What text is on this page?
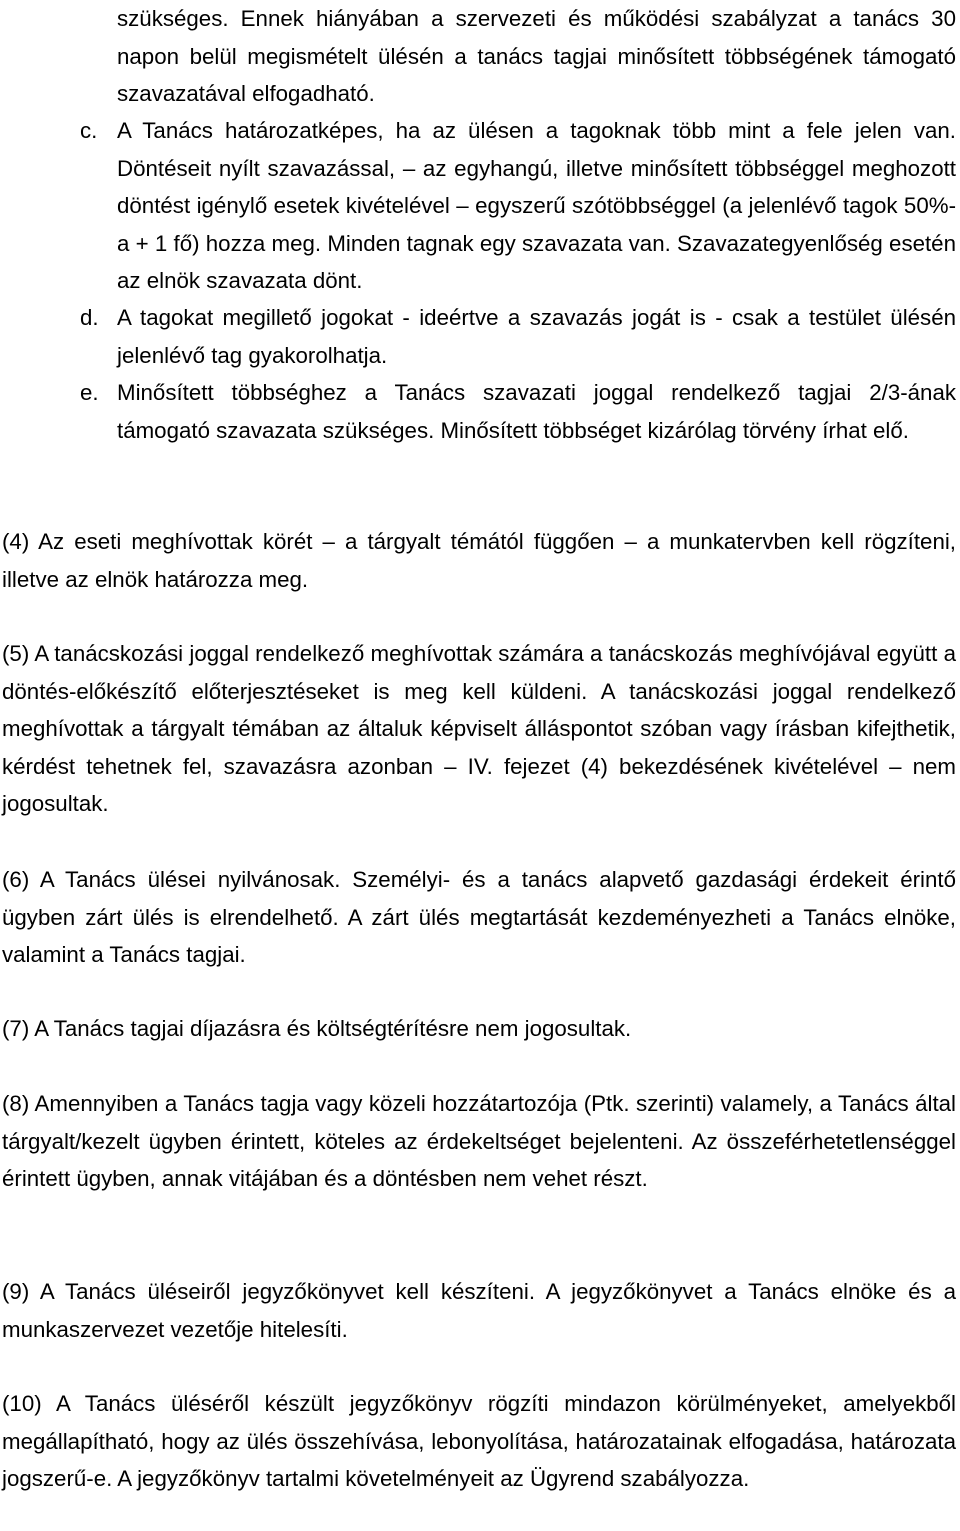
szükséges. Ennek hiányában a szervezeti és működési szabályzat a tanács 30 napon belül megismételt ülésén a tanács tagjai minősített többségének támogató szavazatával elfogadható.

c. A Tanács határozatképes, ha az ülésen a tagoknak több mint a fele jelen van. Döntéseit nyílt szavazással, ‒ az egyhangú, illetve minősített többséggel meghozott döntést igénylő esetek kivételével ‒ egyszerű szótöbbséggel (a jelenlévő tagok 50%-a + 1 fő) hozza meg. Minden tagnak egy szavazata van. Szavazategyenlőség esetén az elnök szavazata dönt.

d. A tagokat megillető jogokat - ideértve a szavazás jogát is - csak a testület ülésén jelenlévő tag gyakorolhatja.

e. Minősített többséghez a Tanács szavazati joggal rendelkező tagjai 2/3-ának támogató szavazata szükséges. Minősített többséget kizárólag törvény írhat elő.

(4) Az eseti meghívottak körét ‒ a tárgyalt témától függően ‒ a munkatervben kell rögzíteni, illetve az elnök határozza meg.

(5) A tanácskozási joggal rendelkező meghívottak számára a tanácskozás meghívójával együtt a döntés-előkészítő előterjesztéseket is meg kell küldeni. A tanácskozási joggal rendelkező meghívottak a tárgyalt témában az általuk képviselt álláspontot szóban vagy írásban kifejthetik, kérdést tehetnek fel, szavazásra azonban ‒ IV. fejezet (4) bekezdésének kivételével ‒ nem jogosultak.

(6) A Tanács ülései nyilvánosak. Személyi- és a tanács alapvető gazdasági érdekeit érintő ügyben zárt ülés is elrendelhető. A zárt ülés megtartását kezdeményezheti a Tanács elnöke, valamint a Tanács tagjai.

(7) A Tanács tagjai díjazásra és költségtérítésre nem jogosultak.

(8) Amennyiben a Tanács tagja vagy közeli hozzátartozója (Ptk. szerinti) valamely, a Tanács által tárgyalt/kezelt ügyben érintett, köteles az érdekeltséget bejelenteni. Az összeférhetetlenséggel érintett ügyben, annak vitájában és a döntésben nem vehet részt.

(9) A Tanács üléseiről jegyzőkönyvet kell készíteni. A jegyzőkönyvet a Tanács elnöke és a munkaszervezet vezetője hitelesíti.

(10) A Tanács üléséről készült jegyzőkönyv rögzíti mindazon körülményeket, amelyekből megállapítható, hogy az ülés összehívása, lebonyolítása, határozatainak elfogadása, határozata jogszerű-e. A jegyzőkönyv tartalmi követelményeit az Ügyrend szabályozza.
